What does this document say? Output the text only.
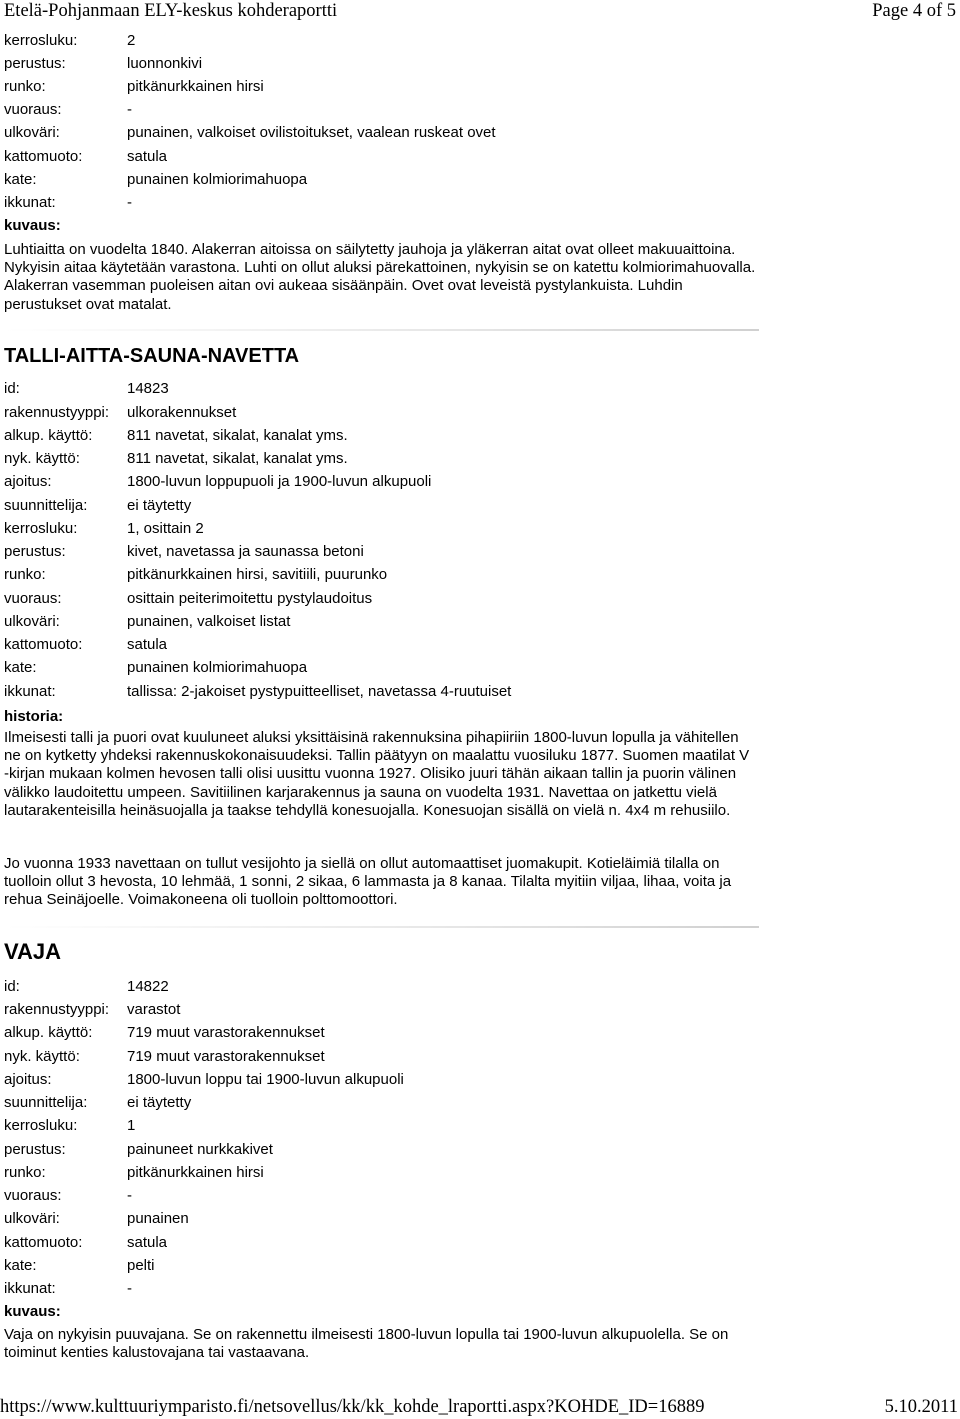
Etelä-Pohjanmaan ELY-keskus kohderaportti	Page 4 of 5
kerrosluku:	2
perustus:	luonnonkivi
runko:	pitkänurkkainen hirsi
vuoraus:	-
ulkoväri:	punainen, valkoiset ovilistoitukset, vaalean ruskeat ovet
kattomuoto:	satula
kate:	punainen kolmiorimahuopa
ikkunat:	-
kuvaus:
Luhtiaitta on vuodelta 1840. Alakerran aitoissa on säilytetty jauhoja ja yläkerran aitat ovat olleet makuuaittoina. Nykyisin aitaa käytetään varastona. Luhti on ollut aluksi pärekattoinen, nykyisin se on katettu kolmiorimahuovalla. Alakerran vasemman puoleisen aitan ovi aukeaa sisäänpäin. Ovet ovat leveistä pystylankuista. Luhdin perustukset ovat matalat.
TALLI-AITTA-SAUNA-NAVETTA
id:	14823
rakennustyyppi: ulkorakennukset
alkup. käyttö: 811 navetat, sikalat, kanalat yms.
nyk. käyttö:	811 navetat, sikalat, kanalat yms.
ajoitus:	1800-luvun loppupuoli ja 1900-luvun alkupuoli
suunnittelija:	ei täytetty
kerrosluku:	1, osittain 2
perustus:	kivet, navetassa ja saunassa betoni
runko:	pitkänurkkainen hirsi, savitiili, puurunko
vuoraus:	osittain peiterimoitettu pystylaudoitus
ulkoväri:	punainen, valkoiset listat
kattomuoto:	satula
kate:	punainen kolmiorimahuopa
ikkunat:	tallissa: 2-jakoiset pystypuitteelliset, navetassa 4-ruutuiset
historia:
Ilmeisesti talli ja puori ovat kuuluneet aluksi yksittäisinä rakennuksina pihapiiriin 1800-luvun lopulla ja vähitellen ne on kytketty yhdeksi rakennuskokonaisuudeksi. Tallin päätyyn on maalattu vuosiluku 1877. Suomen maatilat V -kirjan mukaan kolmen hevosen talli olisi uusittu vuonna 1927. Olisiko juuri tähän aikaan tallin ja puorin välinen välikko laudoitettu umpeen. Savitiilinen karjarakennus ja sauna on vuodelta 1931. Navettaa on jatkettu vielä lautarakenteisilla heinäsuojalla ja taakse tehdyllä konesuojalla. Konesuojan sisällä on vielä n. 4x4 m rehusiilo.
Jo vuonna 1933 navettaan on tullut vesijohto ja siellä on ollut automaattiset juomakupit. Kotieläimiä tilalla on tuolloin ollut 3 hevosta, 10 lehmää, 1 sonni, 2 sikaa, 6 lammasta ja 8 kanaa. Tilalta myitiin viljaa, lihaa, voita ja rehua Seinäjoelle. Voimakoneena oli tuolloin polttomoottori.
VAJA
id:	14822
rakennustyyppi: varastot
alkup. käyttö: 719 muut varastorakennukset
nyk. käyttö:	719 muut varastorakennukset
ajoitus:	1800-luvun loppu tai 1900-luvun alkupuoli
suunnittelija:	ei täytetty
kerrosluku:	1
perustus:	painuneet nurkkakivet
runko:	pitkänurkkainen hirsi
vuoraus:	-
ulkoväri:	punainen
kattomuoto:	satula
kate:	pelti
ikkunat:	-
kuvaus:
Vaja on nykyisin puuvajana. Se on rakennettu ilmeisesti 1800-luvun lopulla tai 1900-luvun alkupuolella. Se on toiminut kenties kalustovajana tai vastaavana.
https://www.kulttuuriymparisto.fi/netsovellus/kk/kk_kohde_lraportti.aspx?KOHDE_ID=16889	5.10.2011
